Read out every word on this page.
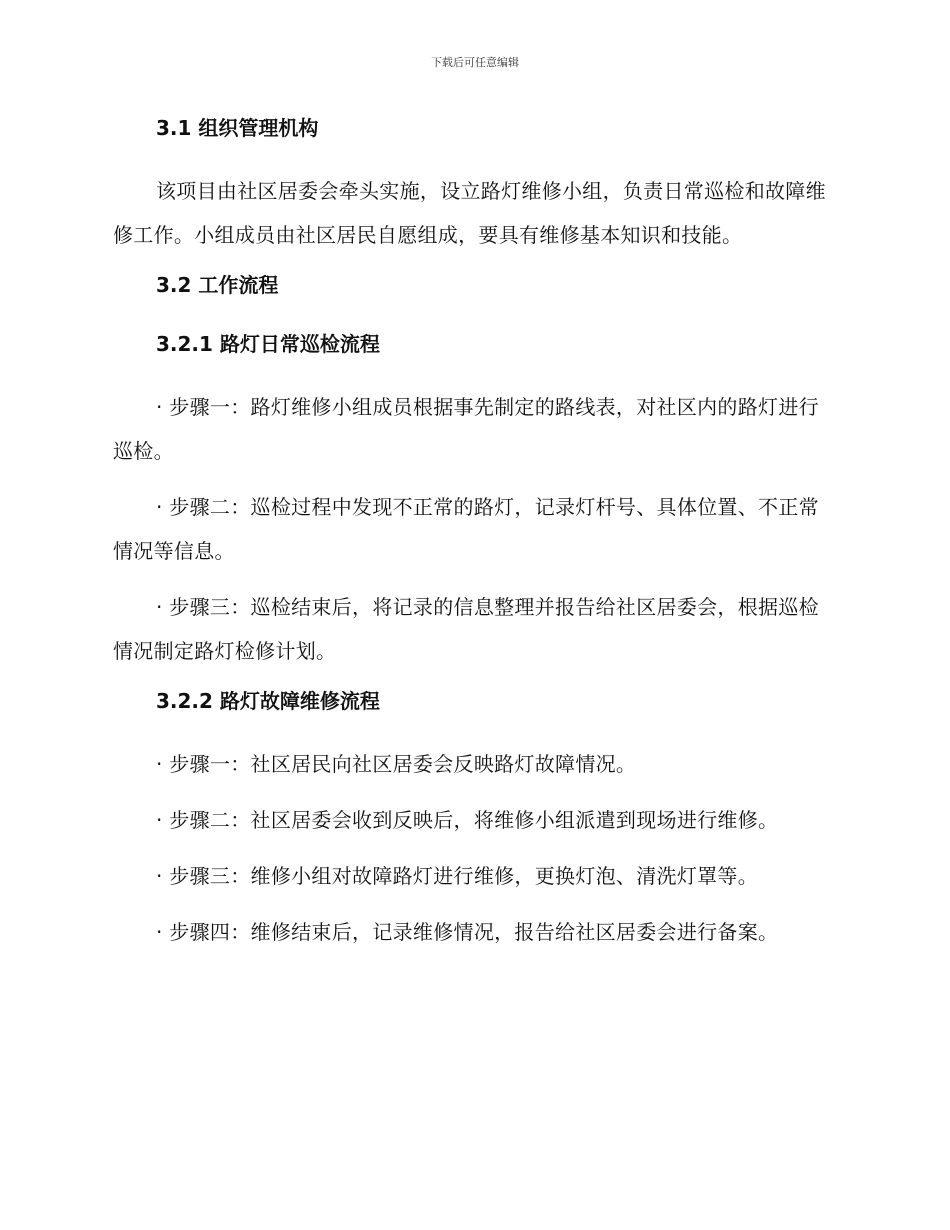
下载后可任意编辑
3.1 组织管理机构

该项目由社区居委会牵头实施，设立路灯维修小组，负责日常巡检和故障维修工作。小组成员由社区居民自愿组成，要具有维修基本知识和技能。

3.2 工作流程
3.2.1 路灯日常巡检流程

· 步骤一：路灯维修小组成员根据事先制定的路线表，对社区内的路灯进行巡检。

· 步骤二：巡检过程中发现不正常的路灯，记录灯杆号、具体位置、不正常情况等信息。

· 步骤三：巡检结束后，将记录的信息整理并报告给社区居委会，根据巡检情况制定路灯检修计划。

3.2.2 路灯故障维修流程

· 步骤一：社区居民向社区居委会反映路灯故障情况。

· 步骤二：社区居委会收到反映后，将维修小组派遣到现场进行维修。

· 步骤三：维修小组对故障路灯进行维修，更换灯泡、清洗灯罩等。

· 步骤四：维修结束后，记录维修情况，报告给社区居委会进行备案。
